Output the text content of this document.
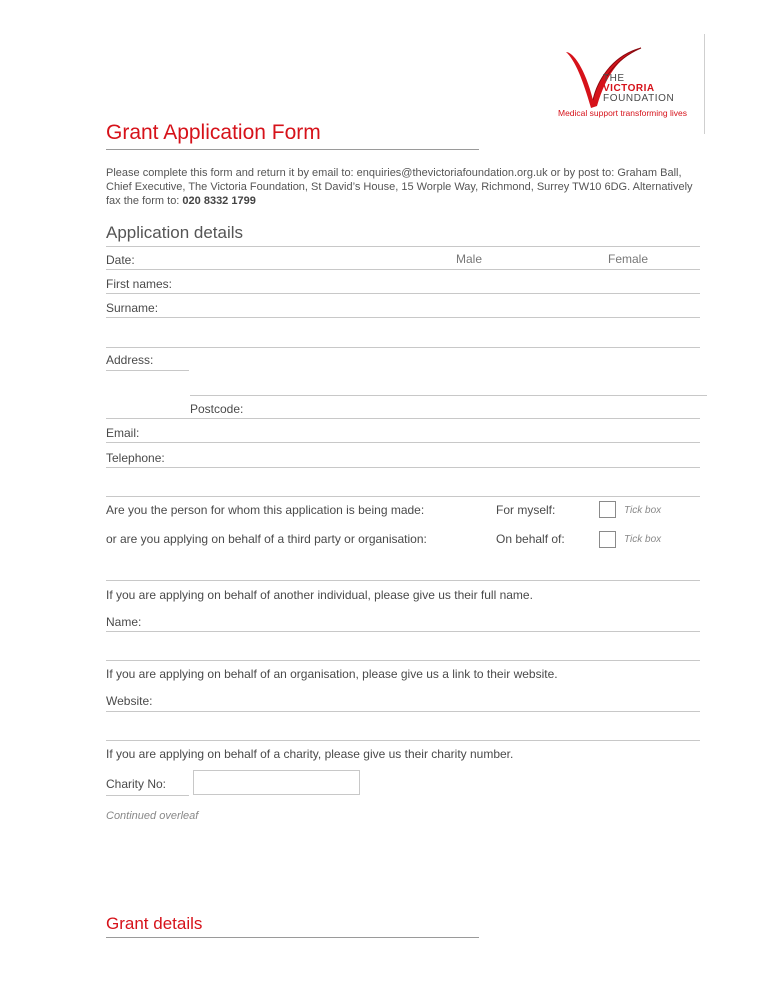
THE
VICTORIA
FOUNDATION
Medical support transforming lives
Grant Application Form
Please complete this form and return it by email to: enquiries@thevictoriafoundation.org.uk or by post to: Graham Ball, Chief Executive, The Victoria Foundation, St David’s House, 15 Worple Way, Richmond, Surrey TW10 6DG. Alternatively fax the form to: 020 8332 1799
Application details
Date:	Male	Female
First names:
Surname:
Address:
Postcode:
Email:
Telephone:
Are you the person for whom this application is being made:	For myself:	Tick box
or are you applying on behalf of a third party or organisation:	On behalf of:	Tick box
If you are applying on behalf of another individual, please give us their full name.
Name:
If you are applying on behalf of an organisation, please give us a link to their website.
Website:
If you are applying on behalf of a charity, please give us their charity number.
Charity No:
Continued overleaf
Grant details
